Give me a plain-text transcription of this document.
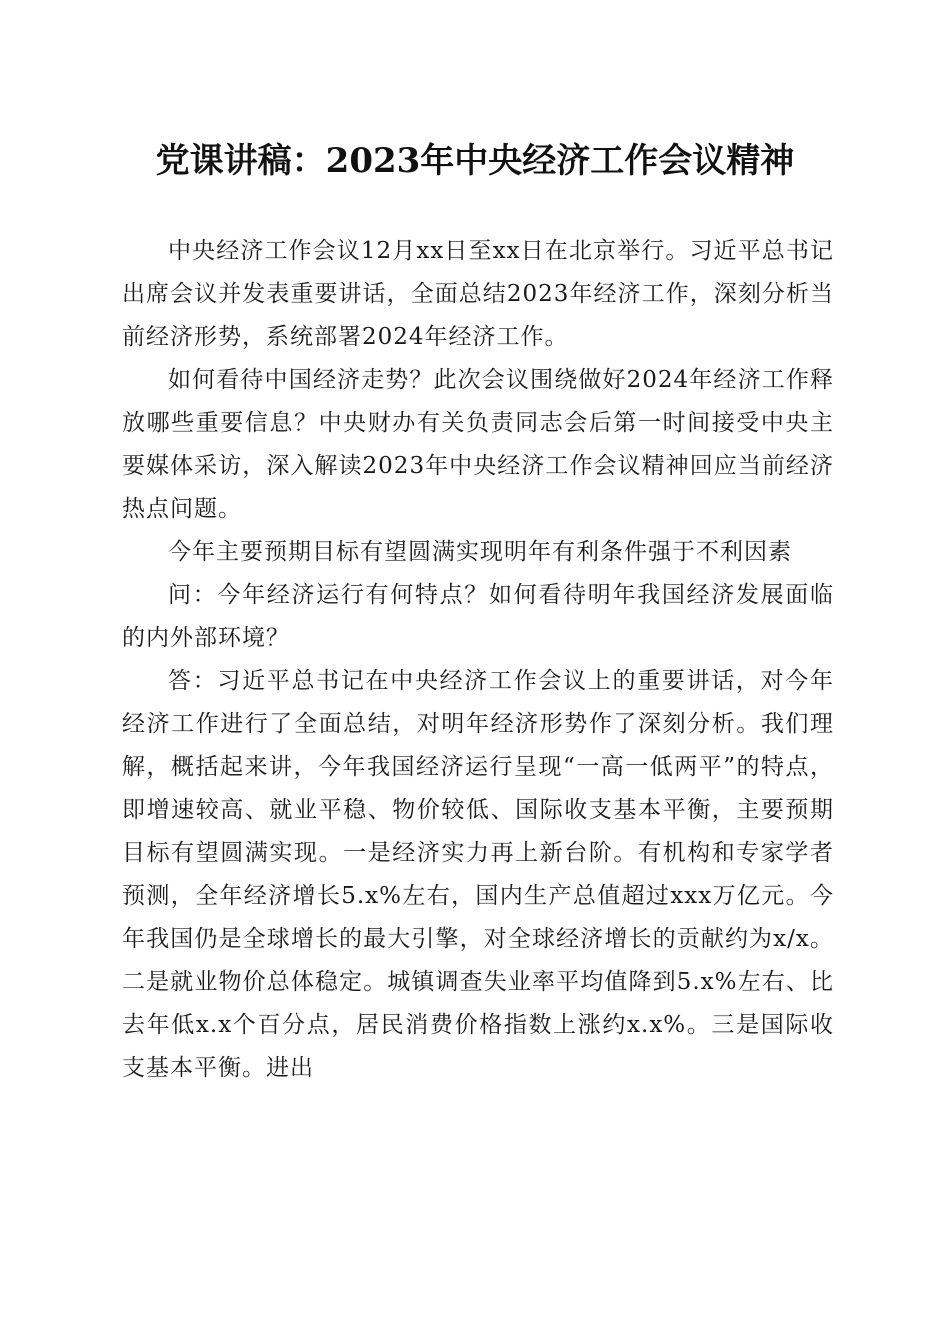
党课讲稿：2023年中央经济工作会议精神

中央经济工作会议12月xx日至xx日在北京举行。习近平总书记出席会议并发表重要讲话，全面总结2023年经济工作，深刻分析当前经济形势，系统部署2024年经济工作。

如何看待中国经济走势？此次会议围绕做好2024年经济工作释放哪些重要信息？中央财办有关负责同志会后第一时间接受中央主要媒体采访，深入解读2023年中央经济工作会议精神回应当前经济热点问题。

今年主要预期目标有望圆满实现明年有利条件强于不利因素

问：今年经济运行有何特点？如何看待明年我国经济发展面临的内外部环境？

答：习近平总书记在中央经济工作会议上的重要讲话，对今年经济工作进行了全面总结，对明年经济形势作了深刻分析。我们理解，概括起来讲，今年我国经济运行呈现“一高一低两平”的特点，即增速较高、就业平稳、物价较低、国际收支基本平衡，主要预期目标有望圆满实现。一是经济实力再上新台阶。有机构和专家学者预测，全年经济增长5.x%左右，国内生产总值超过xxx万亿元。今年我国仍是全球增长的最大引擎，对全球经济增长的贡献约为x/x。二是就业物价总体稳定。城镇调查失业率平均值降到5.x%左右、比去年低x.x个百分点，居民消费价格指数上涨约x.x%。三是国际收支基本平衡。进出
